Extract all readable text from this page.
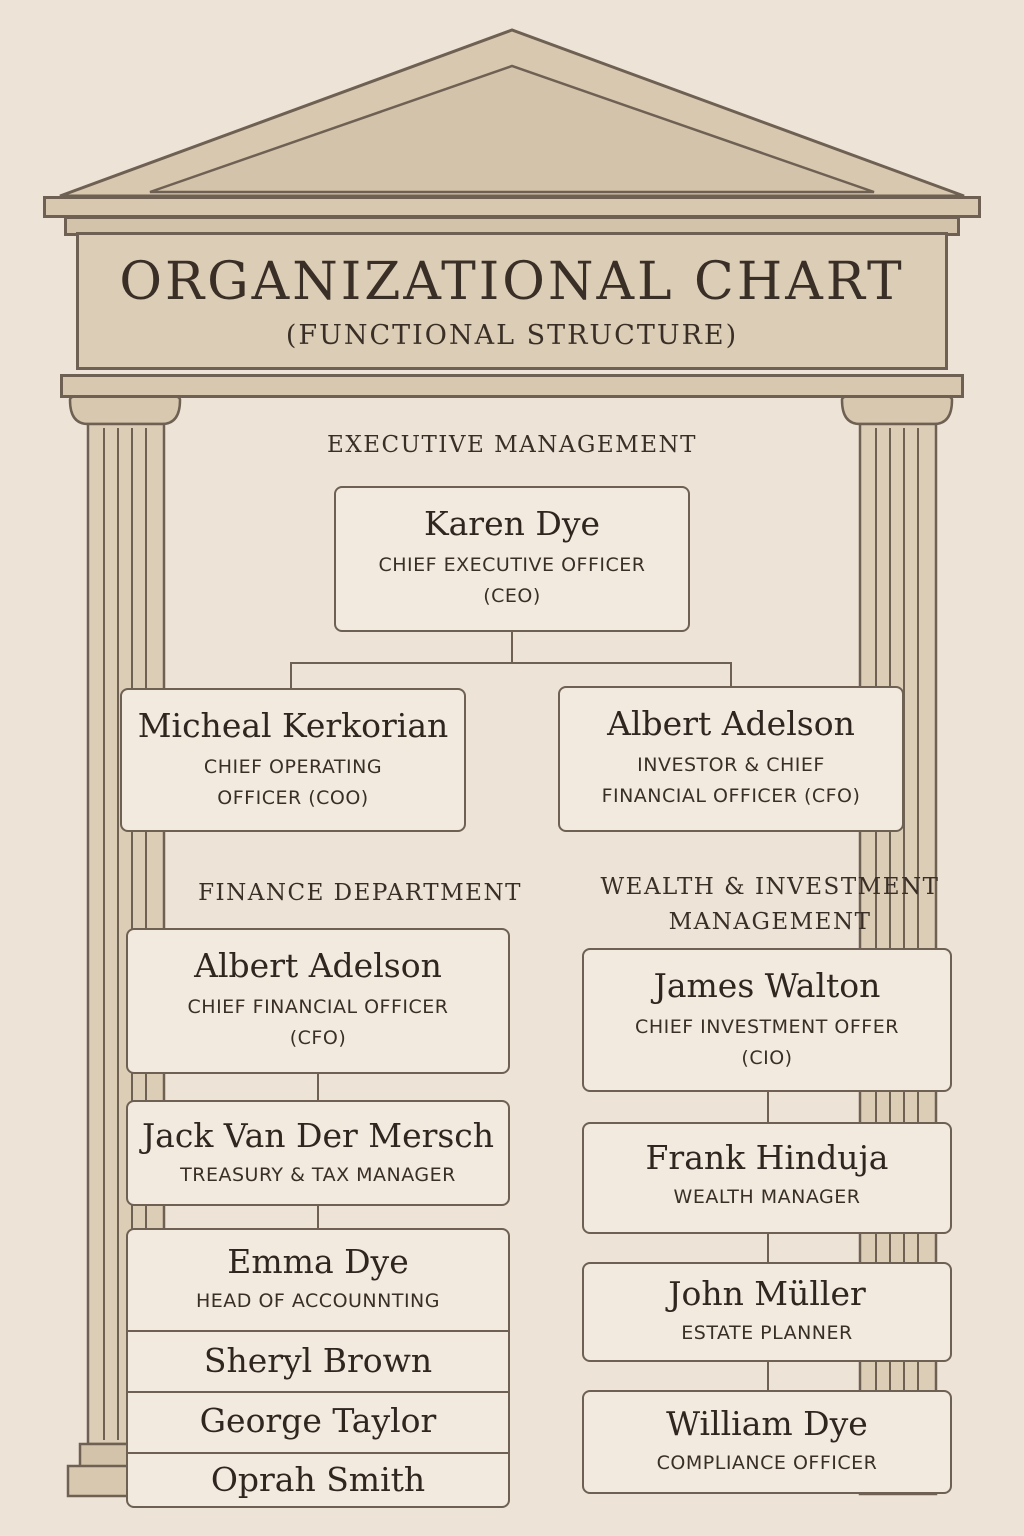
ORGANIZATIONAL CHART
(FUNCTIONAL STRUCTURE)
EXECUTIVE MANAGEMENT
FINANCE DEPARTMENT	WEALTH & INVESTMENT
MANAGEMENT
Karen Dye
CHIEF EXECUTIVE OFFICER
(CEO)
Micheal Kerkorian
CHIEF OPERATING
OFFICER (COO)
Albert Adelson
INVESTOR & CHIEF
FINANCIAL OFFICER (CFO)
Albert Adelson
CHIEF FINANCIAL OFFICER
(CFO)
Jack Van Der Mersch
TREASURY & TAX MANAGER
Emma Dye
HEAD OF ACCOUNNTING
Sheryl Brown
George Taylor
Oprah Smith
James Walton
CHIEF INVESTMENT OFFER
(CIO)
Frank Hinduja
WEALTH MANAGER
John Müller
ESTATE PLANNER
William Dye
COMPLIANCE OFFICER
